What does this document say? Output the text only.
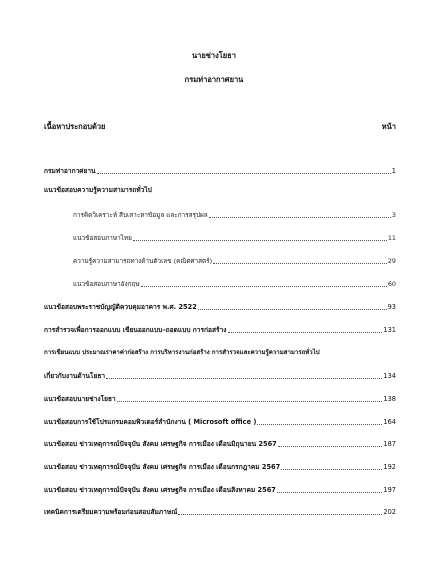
นายช่างโยธา
กรมท่าอากาศยาน
เนื้อหาประกอบด้วย	หน้า
กรมท่าอากาศยาน	1
แนวข้อสอบความรู้ความสามารถทั่วไป
การคิดวิเคราะห์ สืบเสาะหาข้อมูล และการสรุปผล	3
แนวข้อสอบภาษาไทย	11
ความรู้ความสามารถทางด้านตัวเลข (คณิตศาสตร์)	29
แนวข้อสอบภาษาอังกฤษ	60
แนวข้อสอบพระราชบัญญัติควบคุมอาคาร พ.ศ. 2522	93
การสำรวจเพื่อการออกแบบ เขียนออกแบบ–ถอดแบบ การก่อสร้าง	131
การเขียนแบบ ประมาณราคาค่าก่อสร้าง การบริหารงานก่อสร้าง การสำรวจและความรู้ความสามารถทั่วไป
เกี่ยวกับงานด้านโยธา	134
แนวข้อสอบนายช่างโยธา	138
แนวข้อสอบการใช้โปรแกรมคอมพิวเตอร์สำนักงาน ( Microsoft office )	164
แนวข้อสอบ ข่าวเหตุการณ์ปัจจุบัน สังคม เศรษฐกิจ การเมือง เดือนมิถุนายน 2567	187
แนวข้อสอบ ข่าวเหตุการณ์ปัจจุบัน สังคม เศรษฐกิจ การเมือง เดือนกรกฎาคม 2567	192
แนวข้อสอบ ข่าวเหตุการณ์ปัจจุบัน สังคม เศรษฐกิจ การเมือง เดือนสิงหาคม 2567	197
เทคนิคการเตรียมความพร้อมก่อนสอบสัมภาษณ์	202
